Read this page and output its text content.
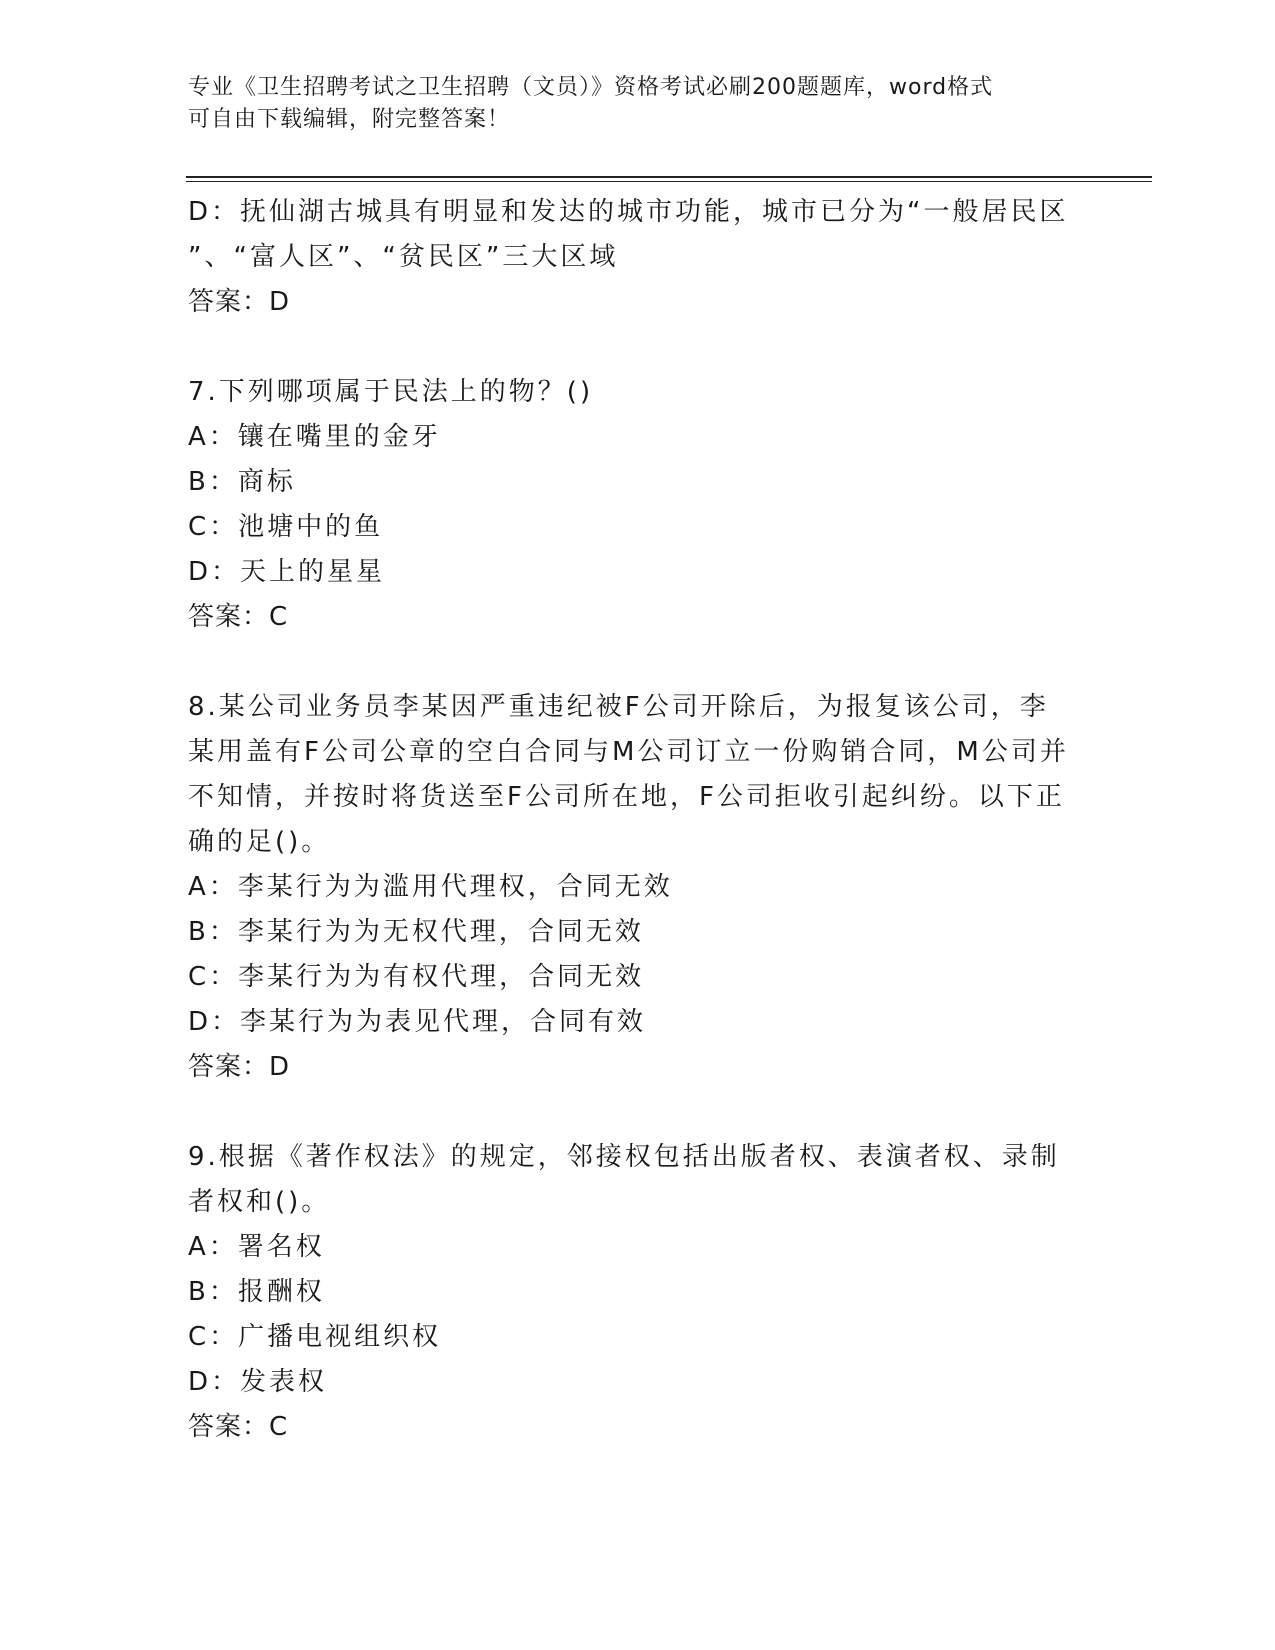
专业《卫生招聘考试之卫生招聘（文员）》资格考试必刷200题题库，word格式
可自由下载编辑，附完整答案！
D：抚仙湖古城具有明显和发达的城市功能，城市已分为“一般居民区
”、“富人区”、“贫民区”三大区域
答案：D
7.下列哪项属于民法上的物？()
A：镶在嘴里的金牙
B：商标
C：池塘中的鱼
D：天上的星星
答案：C
8.某公司业务员李某因严重违纪被F公司开除后，为报复该公司，李
某用盖有F公司公章的空白合同与M公司订立一份购销合同，M公司并
不知情，并按时将货送至F公司所在地，F公司拒收引起纠纷。以下正
确的足()。
A：李某行为为滥用代理权，合同无效
B：李某行为为无权代理，合同无效
C：李某行为为有权代理，合同无效
D：李某行为为表见代理，合同有效
答案：D
9.根据《著作权法》的规定，邻接权包括出版者权、表演者权、录制
者权和()。
A：署名权
B：报酬权
C：广播电视组织权
D：发表权
答案：C
